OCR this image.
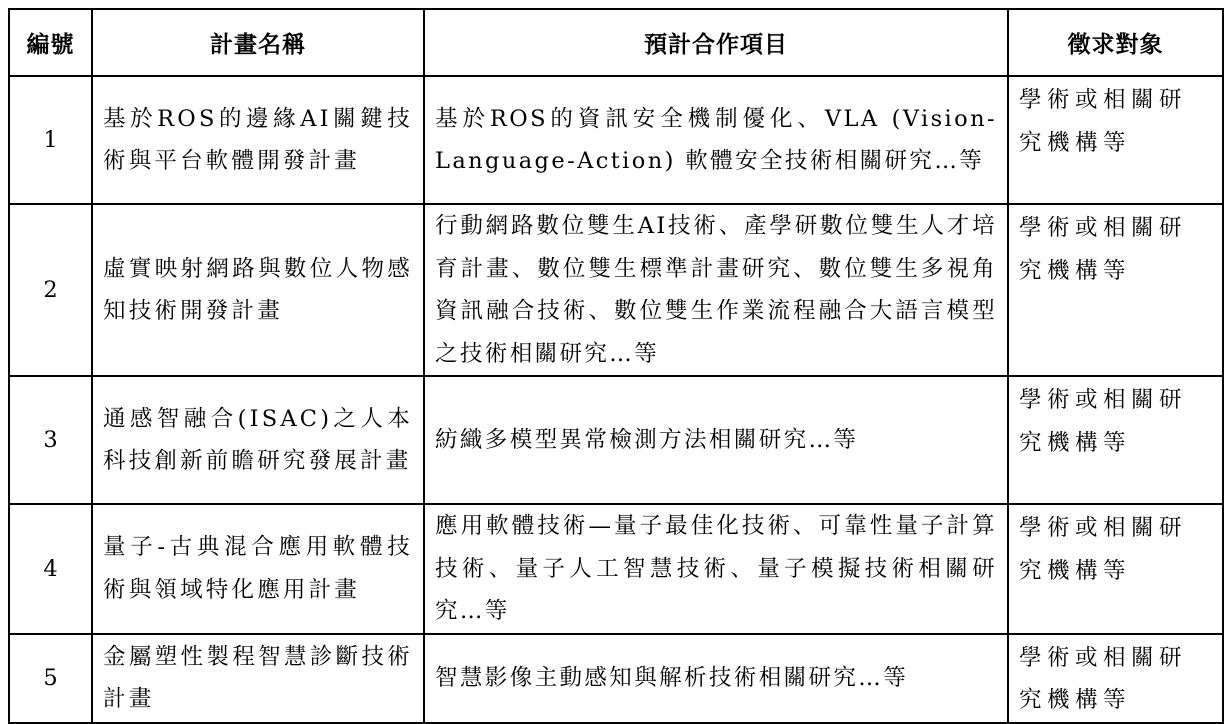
編號	計畫名稱	預計合作項目	徵求對象
1	基於ROS的邊緣AI關鍵技術與平台軟體開發計畫	基於ROS的資訊安全機制優化、VLA (Vision-Language-Action) 軟體安全技術相關研究…等	學術或相關研究機構等
2	虛實映射網路與數位人物感知技術開發計畫	行動網路數位雙生AI技術、產學研數位雙生人才培育計畫、數位雙生標準計畫研究、數位雙生多視角資訊融合技術、數位雙生作業流程融合大語言模型之技術相關研究…等	學術或相關研究機構等
3	通感智融合(ISAC)之人本科技創新前瞻研究發展計畫	紡織多模型異常檢測方法相關研究…等	學術或相關研究機構等
4	量子-古典混合應用軟體技術與領域特化應用計畫	應用軟體技術—量子最佳化技術、可靠性量子計算技術、量子人工智慧技術、量子模擬技術相關研究…等	學術或相關研究機構等
5	金屬塑性製程智慧診斷技術計畫	智慧影像主動感知與解析技術相關研究…等	學術或相關研究機構等
